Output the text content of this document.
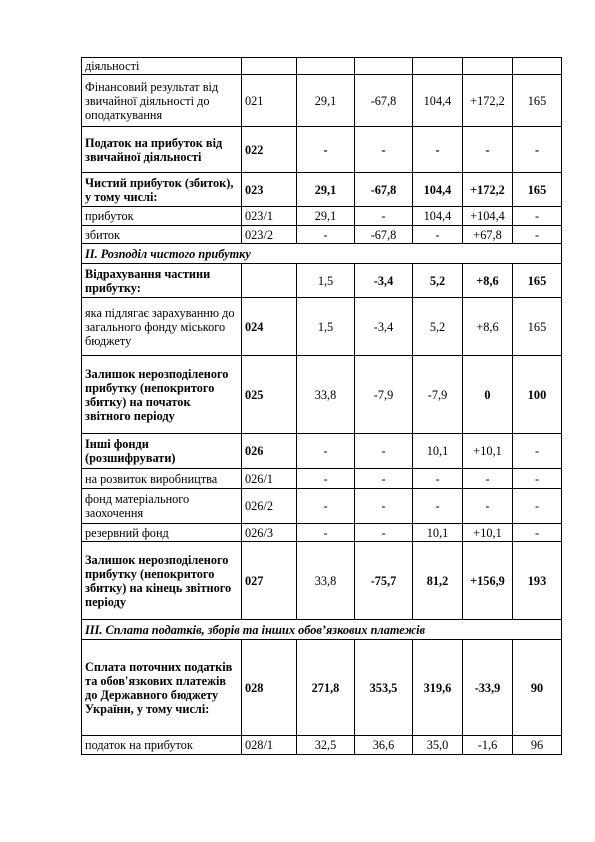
діяльності						
Фінансовий результат від звичайної діяльності до оподаткування	021	29,1	-67,8	104,4	+172,2	165
Податок на прибуток від звичайної діяльності	022	-	-	-	-	-
Чистий прибуток (збиток), у тому числі:	023	29,1	-67,8	104,4	+172,2	165
прибуток	023/1	29,1	-	104,4	+104,4	-
збиток	023/2	-	-67,8	-	+67,8	-
ІІ. Розподіл чистого прибутку						
Відрахування частини прибутку:		1,5	-3,4	5,2	+8,6	165
яка підлягає зарахуванню до загального фонду міського бюджету	024	1,5	-3,4	5,2	+8,6	165
Залишок нерозподіленого прибутку (непокритого збитку) на початок звітного періоду	025	33,8	-7,9	-7,9	0	100
Інші фонди (розшифрувати)	026	-	-	10,1	+10,1	-
на розвиток виробництва	026/1	-	-	-	-	-
фонд матеріального заохочення	026/2	-	-	-	-	-
резервний фонд	026/3	-	-	10,1	+10,1	-
Залишок нерозподіленого прибутку (непокритого збитку) на кінець звітного періоду	027	33,8	-75,7	81,2	+156,9	193
ІІІ. Сплата податків, зборів та інших обов’язкових платежів						
Сплата поточних податків та обов'язкових платежів до Державного бюджету України, у тому числі:	028	271,8	353,5	319,6	-33,9	90
податок на прибуток	028/1	32,5	36,6	35,0	-1,6	96
